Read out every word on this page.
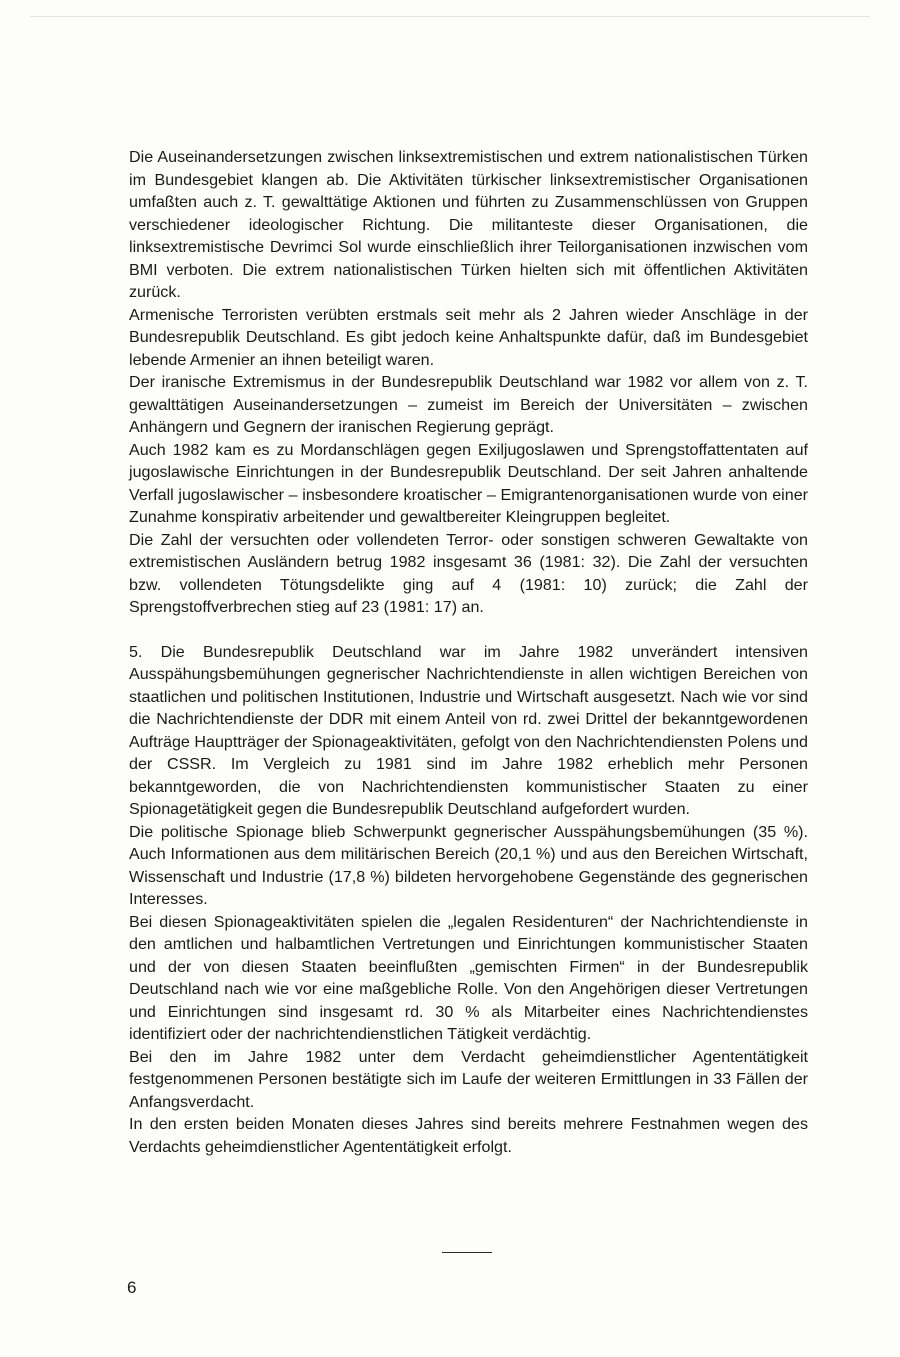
Die Auseinandersetzungen zwischen linksextremistischen und extrem nationalistischen Türken im Bundesgebiet klangen ab. Die Aktivitäten türkischer linksextremistischer Organisationen umfaßten auch z. T. gewalttätige Aktionen und führten zu Zusammenschlüssen von Gruppen verschiedener ideologischer Richtung. Die militanteste dieser Organisationen, die linksextremistische Devrimci Sol wurde einschließlich ihrer Teilorganisationen inzwischen vom BMI verboten. Die extrem nationalistischen Türken hielten sich mit öffentlichen Aktivitäten zurück.

Armenische Terroristen verübten erstmals seit mehr als 2 Jahren wieder Anschläge in der Bundesrepublik Deutschland. Es gibt jedoch keine Anhaltspunkte dafür, daß im Bundesgebiet lebende Armenier an ihnen beteiligt waren.

Der iranische Extremismus in der Bundesrepublik Deutschland war 1982 vor allem von z. T. gewalttätigen Auseinandersetzungen – zumeist im Bereich der Universitäten – zwischen Anhängern und Gegnern der iranischen Regierung geprägt.

Auch 1982 kam es zu Mordanschlägen gegen Exiljugoslawen und Sprengstoffattentaten auf jugoslawische Einrichtungen in der Bundesrepublik Deutschland. Der seit Jahren anhaltende Verfall jugoslawischer – insbesondere kroatischer – Emigrantenorganisationen wurde von einer Zunahme konspirativ arbeitender und gewaltbereiter Kleingruppen begleitet.

Die Zahl der versuchten oder vollendeten Terror- oder sonstigen schweren Gewaltakte von extremistischen Ausländern betrug 1982 insgesamt 36 (1981: 32). Die Zahl der versuchten bzw. vollendeten Tötungsdelikte ging auf 4 (1981: 10) zurück; die Zahl der Sprengstoffverbrechen stieg auf 23 (1981: 17) an.

5. Die Bundesrepublik Deutschland war im Jahre 1982 unverändert intensiven Ausspähungsbemühungen gegnerischer Nachrichtendienste in allen wichtigen Bereichen von staatlichen und politischen Institutionen, Industrie und Wirtschaft ausgesetzt. Nach wie vor sind die Nachrichtendienste der DDR mit einem Anteil von rd. zwei Drittel der bekanntgewordenen Aufträge Hauptträger der Spionageaktivitäten, gefolgt von den Nachrichtendiensten Polens und der CSSR. Im Vergleich zu 1981 sind im Jahre 1982 erheblich mehr Personen bekanntgeworden, die von Nachrichtendiensten kommunistischer Staaten zu einer Spionagetätigkeit gegen die Bundesrepublik Deutschland aufgefordert wurden.

Die politische Spionage blieb Schwerpunkt gegnerischer Ausspähungsbemühungen (35 %). Auch Informationen aus dem militärischen Bereich (20,1 %) und aus den Bereichen Wirtschaft, Wissenschaft und Industrie (17,8 %) bildeten hervorgehobene Gegenstände des gegnerischen Interesses.

Bei diesen Spionageaktivitäten spielen die „legalen Residenturen“ der Nachrichtendienste in den amtlichen und halbamtlichen Vertretungen und Einrichtungen kommunistischer Staaten und der von diesen Staaten beeinflußten „gemischten Firmen“ in der Bundesrepublik Deutschland nach wie vor eine maßgebliche Rolle. Von den Angehörigen dieser Vertretungen und Einrichtungen sind insgesamt rd. 30 % als Mitarbeiter eines Nachrichtendienstes identifiziert oder der nachrichtendienstlichen Tätigkeit verdächtig.

Bei den im Jahre 1982 unter dem Verdacht geheimdienstlicher Agententätigkeit festgenommenen Personen bestätigte sich im Laufe der weiteren Ermittlungen in 33 Fällen der Anfangsverdacht.

In den ersten beiden Monaten dieses Jahres sind bereits mehrere Festnahmen wegen des Verdachts geheimdienstlicher Agententätigkeit erfolgt.

6
